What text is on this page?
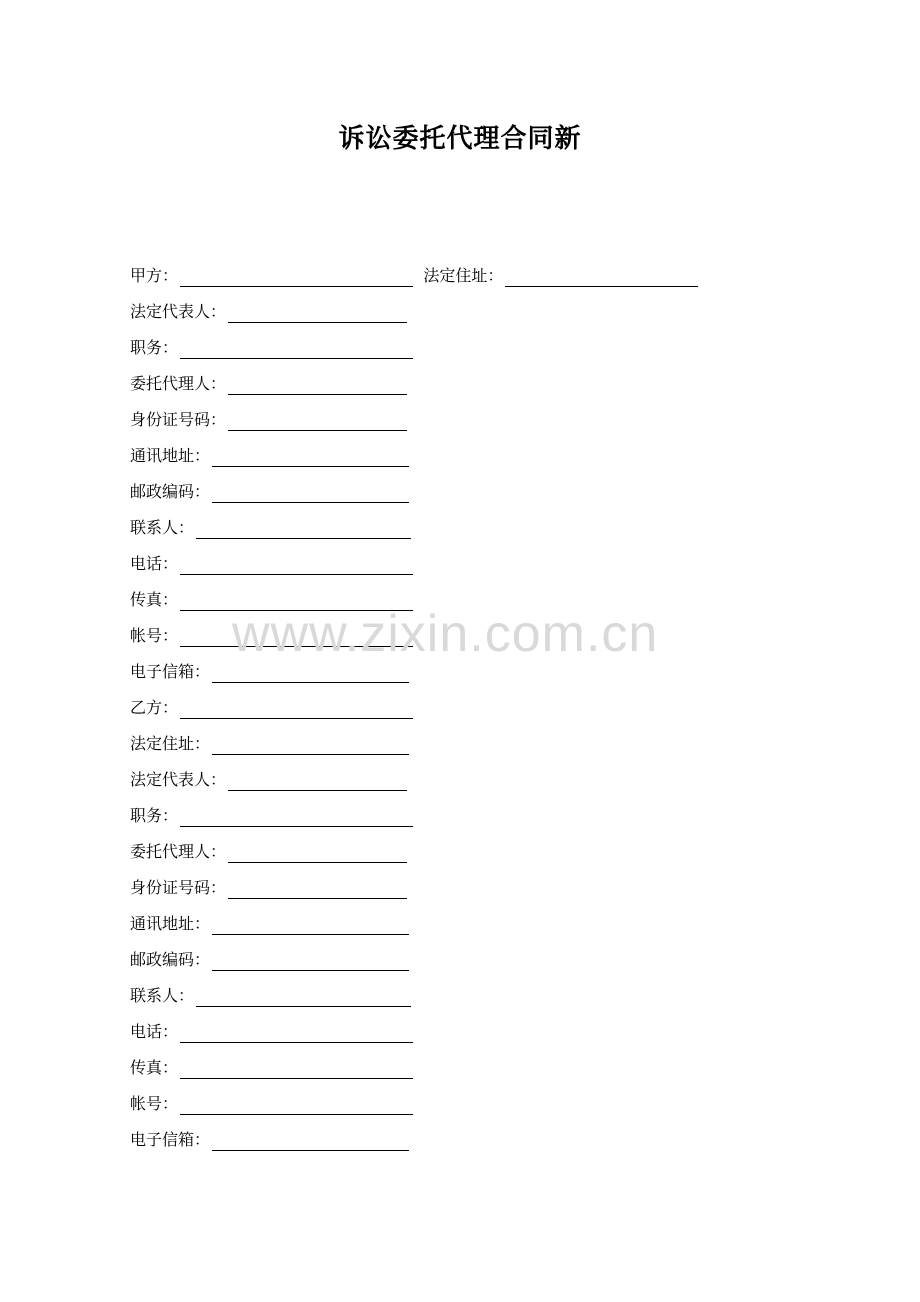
诉讼委托代理合同新
甲方：	法定住址：
法定代表人：
职务：
委托代理人：
身份证号码：
通讯地址：
邮政编码：
联系人：
电话：
传真：
帐号：
电子信箱：
乙方：
法定住址：
法定代表人：
职务：
委托代理人：
身份证号码：
通讯地址：
邮政编码：
联系人：
电话：
传真：
帐号：
电子信箱：
www.zixin.com.cn
